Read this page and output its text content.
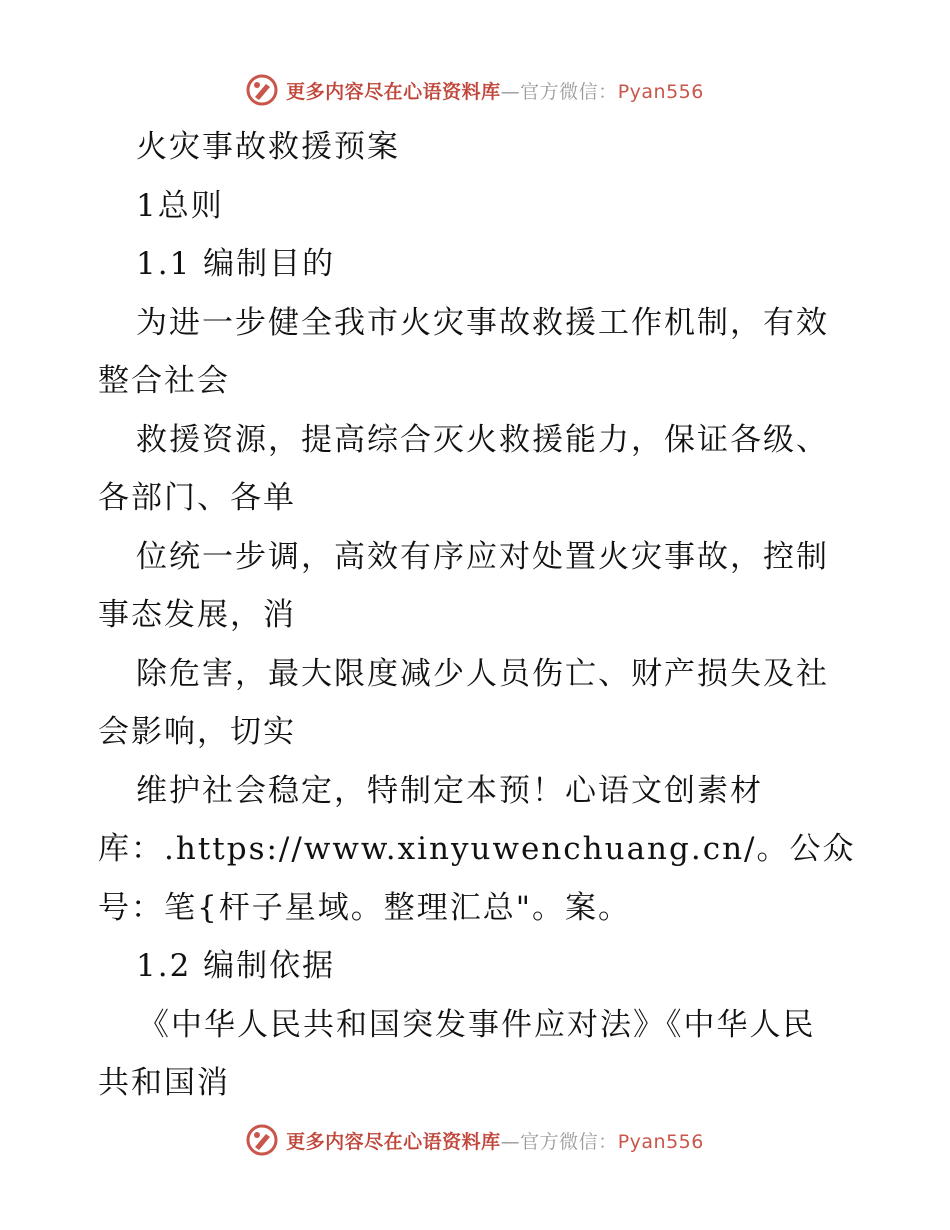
更多内容尽在心语资料库—官方微信：Pyan556
火灾事故救援预案
1总则
1.1 编制目的
为进一步健全我市火灾事故救援工作机制，有效
整合社会
救援资源，提高综合灭火救援能力，保证各级、
各部门、各单
位统一步调，高效有序应对处置火灾事故，控制
事态发展，消
除危害，最大限度减少人员伤亡、财产损失及社
会影响，切实
维护社会稳定，特制定本预！心语文创素材
库：.https://www.xinyuwenchuang.cn/。公众
号：笔{杆子星域。整理汇总"。案。
1.2 编制依据
《中华人民共和国突发事件应对法》《中华人民
共和国消
更多内容尽在心语资料库—官方微信：Pyan556
